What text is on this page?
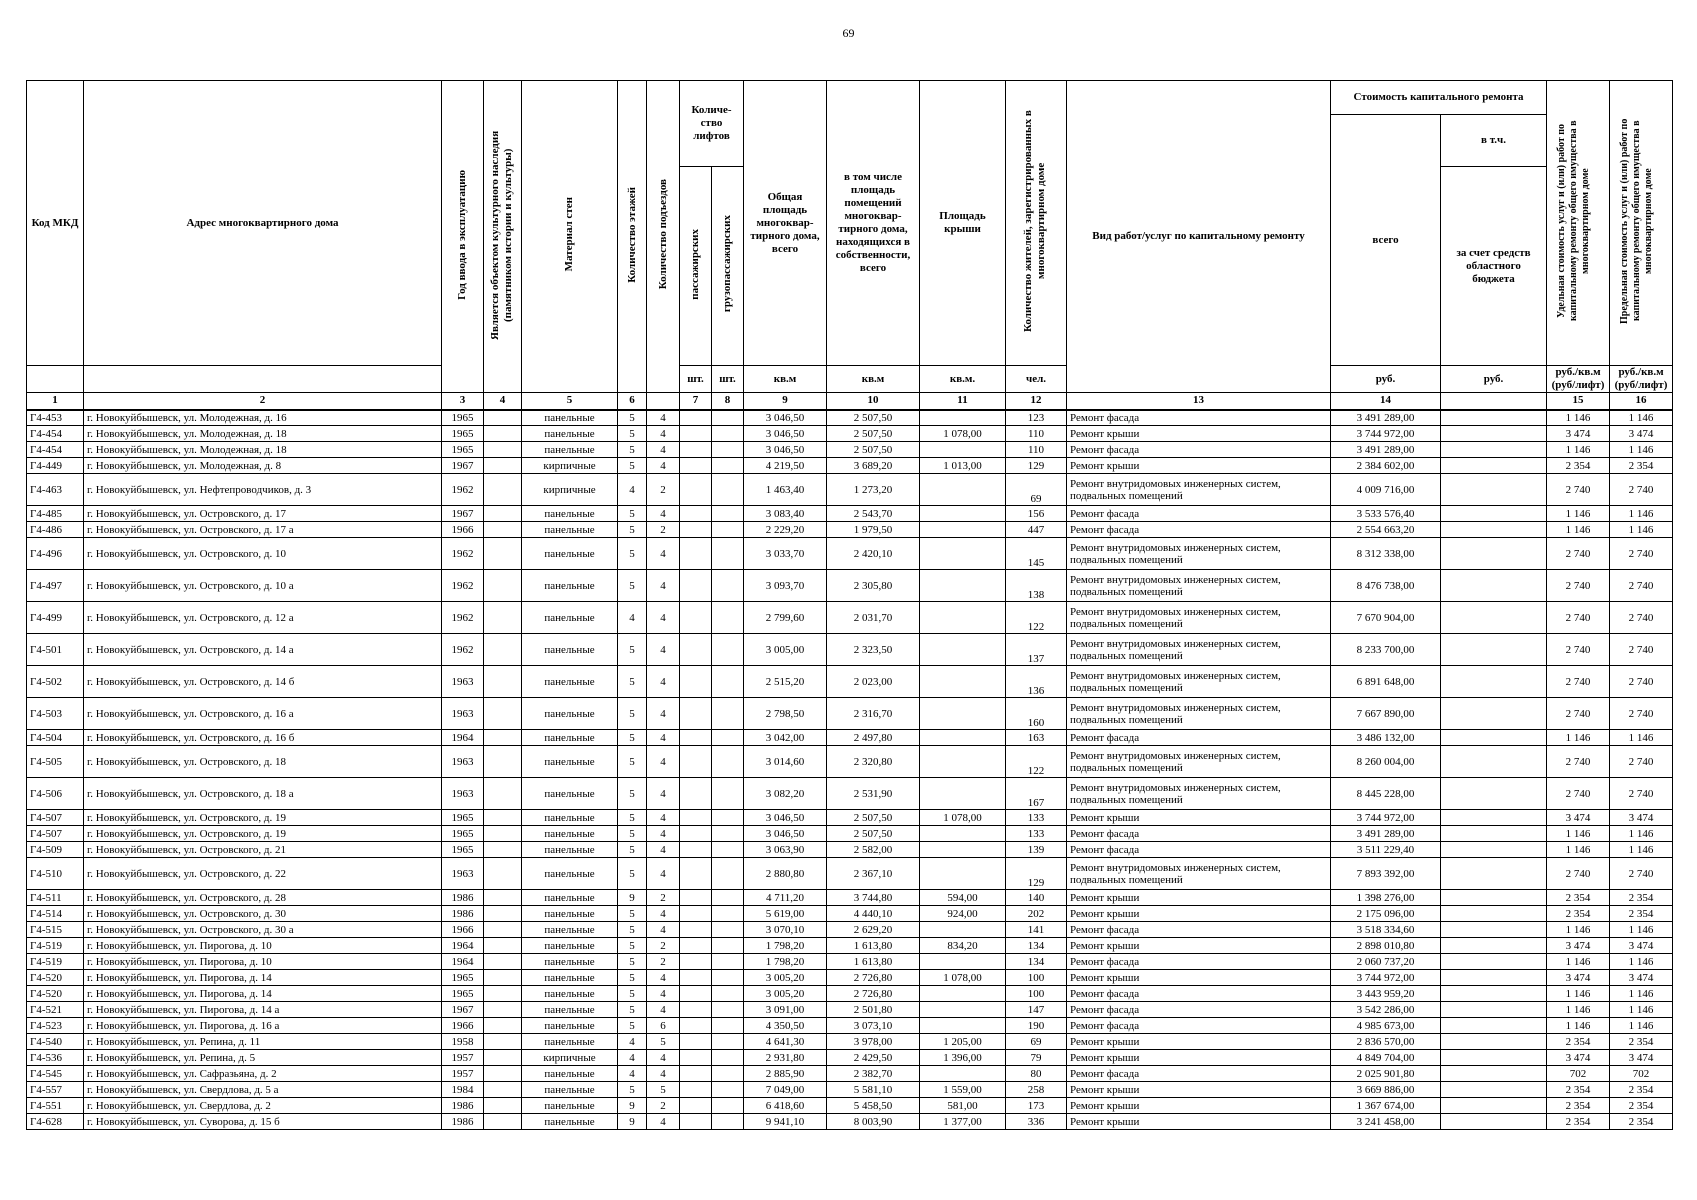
69
Код МКД	Адрес многоквартирного дома	Год ввода в эксплуатацию	Является объектом культурного наследия (памятником истории и культуры)	Материал стен	Количество этажей	Количество подъездов	Количе-ство лифтов		Общая площадь многоквар-тирного дома, всего	в том числе площадь помещений многоквар-тирного дома, находящихся в собственности, всего	Площадь крыши	Количество жителей, зарегистрированных в многоквартирном доме	Вид работ/услуг по капитальному ремонту	Стоимость капитального ремонта		Удельная стоимость услуг и (или) работ по капитальному ремонту общего имущества в многоквартирном доме	Предельная стоимость услуг и (или) работ по капитальному ремонту общего имущества в многоквартирном доме
														всего	в т.ч.		
							пассажирских	грузопассажирских							за счет средств областного бюджета		
							шт.	шт.	кв.м	кв.м	кв.м.	чел.		руб.	руб.	руб./кв.м (руб/лифт)	руб./кв.м (руб/лифт)
1	2	3	4	5	6		7	8	9	10	11	12	13	14		15	16
Г4-453	г. Новокуйбышевск, ул. Молодежная, д. 16	1965		панельные	5	4			3 046,50	2 507,50		123	Ремонт фасада	3 491 289,00		1 146	1 146
Г4-454	г. Новокуйбышевск, ул. Молодежная, д. 18	1965		панельные	5	4			3 046,50	2 507,50	1 078,00	110	Ремонт крыши	3 744 972,00		3 474	3 474
Г4-454	г. Новокуйбышевск, ул. Молодежная, д. 18	1965		панельные	5	4			3 046,50	2 507,50		110	Ремонт фасада	3 491 289,00		1 146	1 146
Г4-449	г. Новокуйбышевск, ул. Молодежная, д. 8	1967		кирпичные	5	4			4 219,50	3 689,20	1 013,00	129	Ремонт крыши	2 384 602,00		2 354	2 354
Г4-463	г. Новокуйбышевск, ул. Нефтепроводчиков, д. 3	1962		кирпичные	4	2			1 463,40	1 273,20		69	Ремонт внутридомовых инженерных систем, подвальных помещений	4 009 716,00		2 740	2 740
Г4-485	г. Новокуйбышевск, ул. Островского, д. 17	1967		панельные	5	4			3 083,40	2 543,70		156	Ремонт фасада	3 533 576,40		1 146	1 146
Г4-486	г. Новокуйбышевск, ул. Островского, д. 17 а	1966		панельные	5	2			2 229,20	1 979,50		447	Ремонт фасада	2 554 663,20		1 146	1 146
Г4-496	г. Новокуйбышевск, ул. Островского, д. 10	1962		панельные	5	4			3 033,70	2 420,10		145	Ремонт внутридомовых инженерных систем, подвальных помещений	8 312 338,00		2 740	2 740
Г4-497	г. Новокуйбышевск, ул. Островского, д. 10 а	1962		панельные	5	4			3 093,70	2 305,80		138	Ремонт внутридомовых инженерных систем, подвальных помещений	8 476 738,00		2 740	2 740
Г4-499	г. Новокуйбышевск, ул. Островского, д. 12 а	1962		панельные	4	4			2 799,60	2 031,70		122	Ремонт внутридомовых инженерных систем, подвальных помещений	7 670 904,00		2 740	2 740
Г4-501	г. Новокуйбышевск, ул. Островского, д. 14 а	1962		панельные	5	4			3 005,00	2 323,50		137	Ремонт внутридомовых инженерных систем, подвальных помещений	8 233 700,00		2 740	2 740
Г4-502	г. Новокуйбышевск, ул. Островского, д. 14 б	1963		панельные	5	4			2 515,20	2 023,00		136	Ремонт внутридомовых инженерных систем, подвальных помещений	6 891 648,00		2 740	2 740
Г4-503	г. Новокуйбышевск, ул. Островского, д. 16 а	1963		панельные	5	4			2 798,50	2 316,70		160	Ремонт внутридомовых инженерных систем, подвальных помещений	7 667 890,00		2 740	2 740
Г4-504	г. Новокуйбышевск, ул. Островского, д. 16 б	1964		панельные	5	4			3 042,00	2 497,80		163	Ремонт фасада	3 486 132,00		1 146	1 146
Г4-505	г. Новокуйбышевск, ул. Островского, д. 18	1963		панельные	5	4			3 014,60	2 320,80		122	Ремонт внутридомовых инженерных систем, подвальных помещений	8 260 004,00		2 740	2 740
Г4-506	г. Новокуйбышевск, ул. Островского, д. 18 а	1963		панельные	5	4			3 082,20	2 531,90		167	Ремонт внутридомовых инженерных систем, подвальных помещений	8 445 228,00		2 740	2 740
Г4-507	г. Новокуйбышевск, ул. Островского, д. 19	1965		панельные	5	4			3 046,50	2 507,50	1 078,00	133	Ремонт крыши	3 744 972,00		3 474	3 474
Г4-507	г. Новокуйбышевск, ул. Островского, д. 19	1965		панельные	5	4			3 046,50	2 507,50		133	Ремонт фасада	3 491 289,00		1 146	1 146
Г4-509	г. Новокуйбышевск, ул. Островского, д. 21	1965		панельные	5	4			3 063,90	2 582,00		139	Ремонт фасада	3 511 229,40		1 146	1 146
Г4-510	г. Новокуйбышевск, ул. Островского, д. 22	1963		панельные	5	4			2 880,80	2 367,10		129	Ремонт внутридомовых инженерных систем, подвальных помещений	7 893 392,00		2 740	2 740
Г4-511	г. Новокуйбышевск, ул. Островского, д. 28	1986		панельные	9	2			4 711,20	3 744,80	594,00	140	Ремонт крыши	1 398 276,00		2 354	2 354
Г4-514	г. Новокуйбышевск, ул. Островского, д. 30	1986		панельные	5	4			5 619,00	4 440,10	924,00	202	Ремонт крыши	2 175 096,00		2 354	2 354
Г4-515	г. Новокуйбышевск, ул. Островского, д. 30 а	1966		панельные	5	4			3 070,10	2 629,20		141	Ремонт фасада	3 518 334,60		1 146	1 146
Г4-519	г. Новокуйбышевск, ул. Пирогова, д. 10	1964		панельные	5	2			1 798,20	1 613,80	834,20	134	Ремонт крыши	2 898 010,80		3 474	3 474
Г4-519	г. Новокуйбышевск, ул. Пирогова, д. 10	1964		панельные	5	2			1 798,20	1 613,80		134	Ремонт фасада	2 060 737,20		1 146	1 146
Г4-520	г. Новокуйбышевск, ул. Пирогова, д. 14	1965		панельные	5	4			3 005,20	2 726,80	1 078,00	100	Ремонт крыши	3 744 972,00		3 474	3 474
Г4-520	г. Новокуйбышевск, ул. Пирогова, д. 14	1965		панельные	5	4			3 005,20	2 726,80		100	Ремонт фасада	3 443 959,20		1 146	1 146
Г4-521	г. Новокуйбышевск, ул. Пирогова, д. 14 а	1967		панельные	5	4			3 091,00	2 501,80		147	Ремонт фасада	3 542 286,00		1 146	1 146
Г4-523	г. Новокуйбышевск, ул. Пирогова, д. 16 а	1966		панельные	5	6			4 350,50	3 073,10		190	Ремонт фасада	4 985 673,00		1 146	1 146
Г4-540	г. Новокуйбышевск, ул. Репина, д. 11	1958		панельные	4	5			4 641,30	3 978,00	1 205,00	69	Ремонт крыши	2 836 570,00		2 354	2 354
Г4-536	г. Новокуйбышевск, ул. Репина, д. 5	1957		кирпичные	4	4			2 931,80	2 429,50	1 396,00	79	Ремонт крыши	4 849 704,00		3 474	3 474
Г4-545	г. Новокуйбышевск, ул. Сафразьяна, д. 2	1957		панельные	4	4			2 885,90	2 382,70		80	Ремонт фасада	2 025 901,80		702	702
Г4-557	г. Новокуйбышевск, ул. Свердлова, д. 5 а	1984		панельные	5	5			7 049,00	5 581,10	1 559,00	258	Ремонт крыши	3 669 886,00		2 354	2 354
Г4-551	г. Новокуйбышевск, ул. Свердлова, д. 2	1986		панельные	9	2			6 418,60	5 458,50	581,00	173	Ремонт крыши	1 367 674,00		2 354	2 354
Г4-628	г. Новокуйбышевск, ул. Суворова, д. 15 б	1986		панельные	9	4			9 941,10	8 003,90	1 377,00	336	Ремонт крыши	3 241 458,00		2 354	2 354
